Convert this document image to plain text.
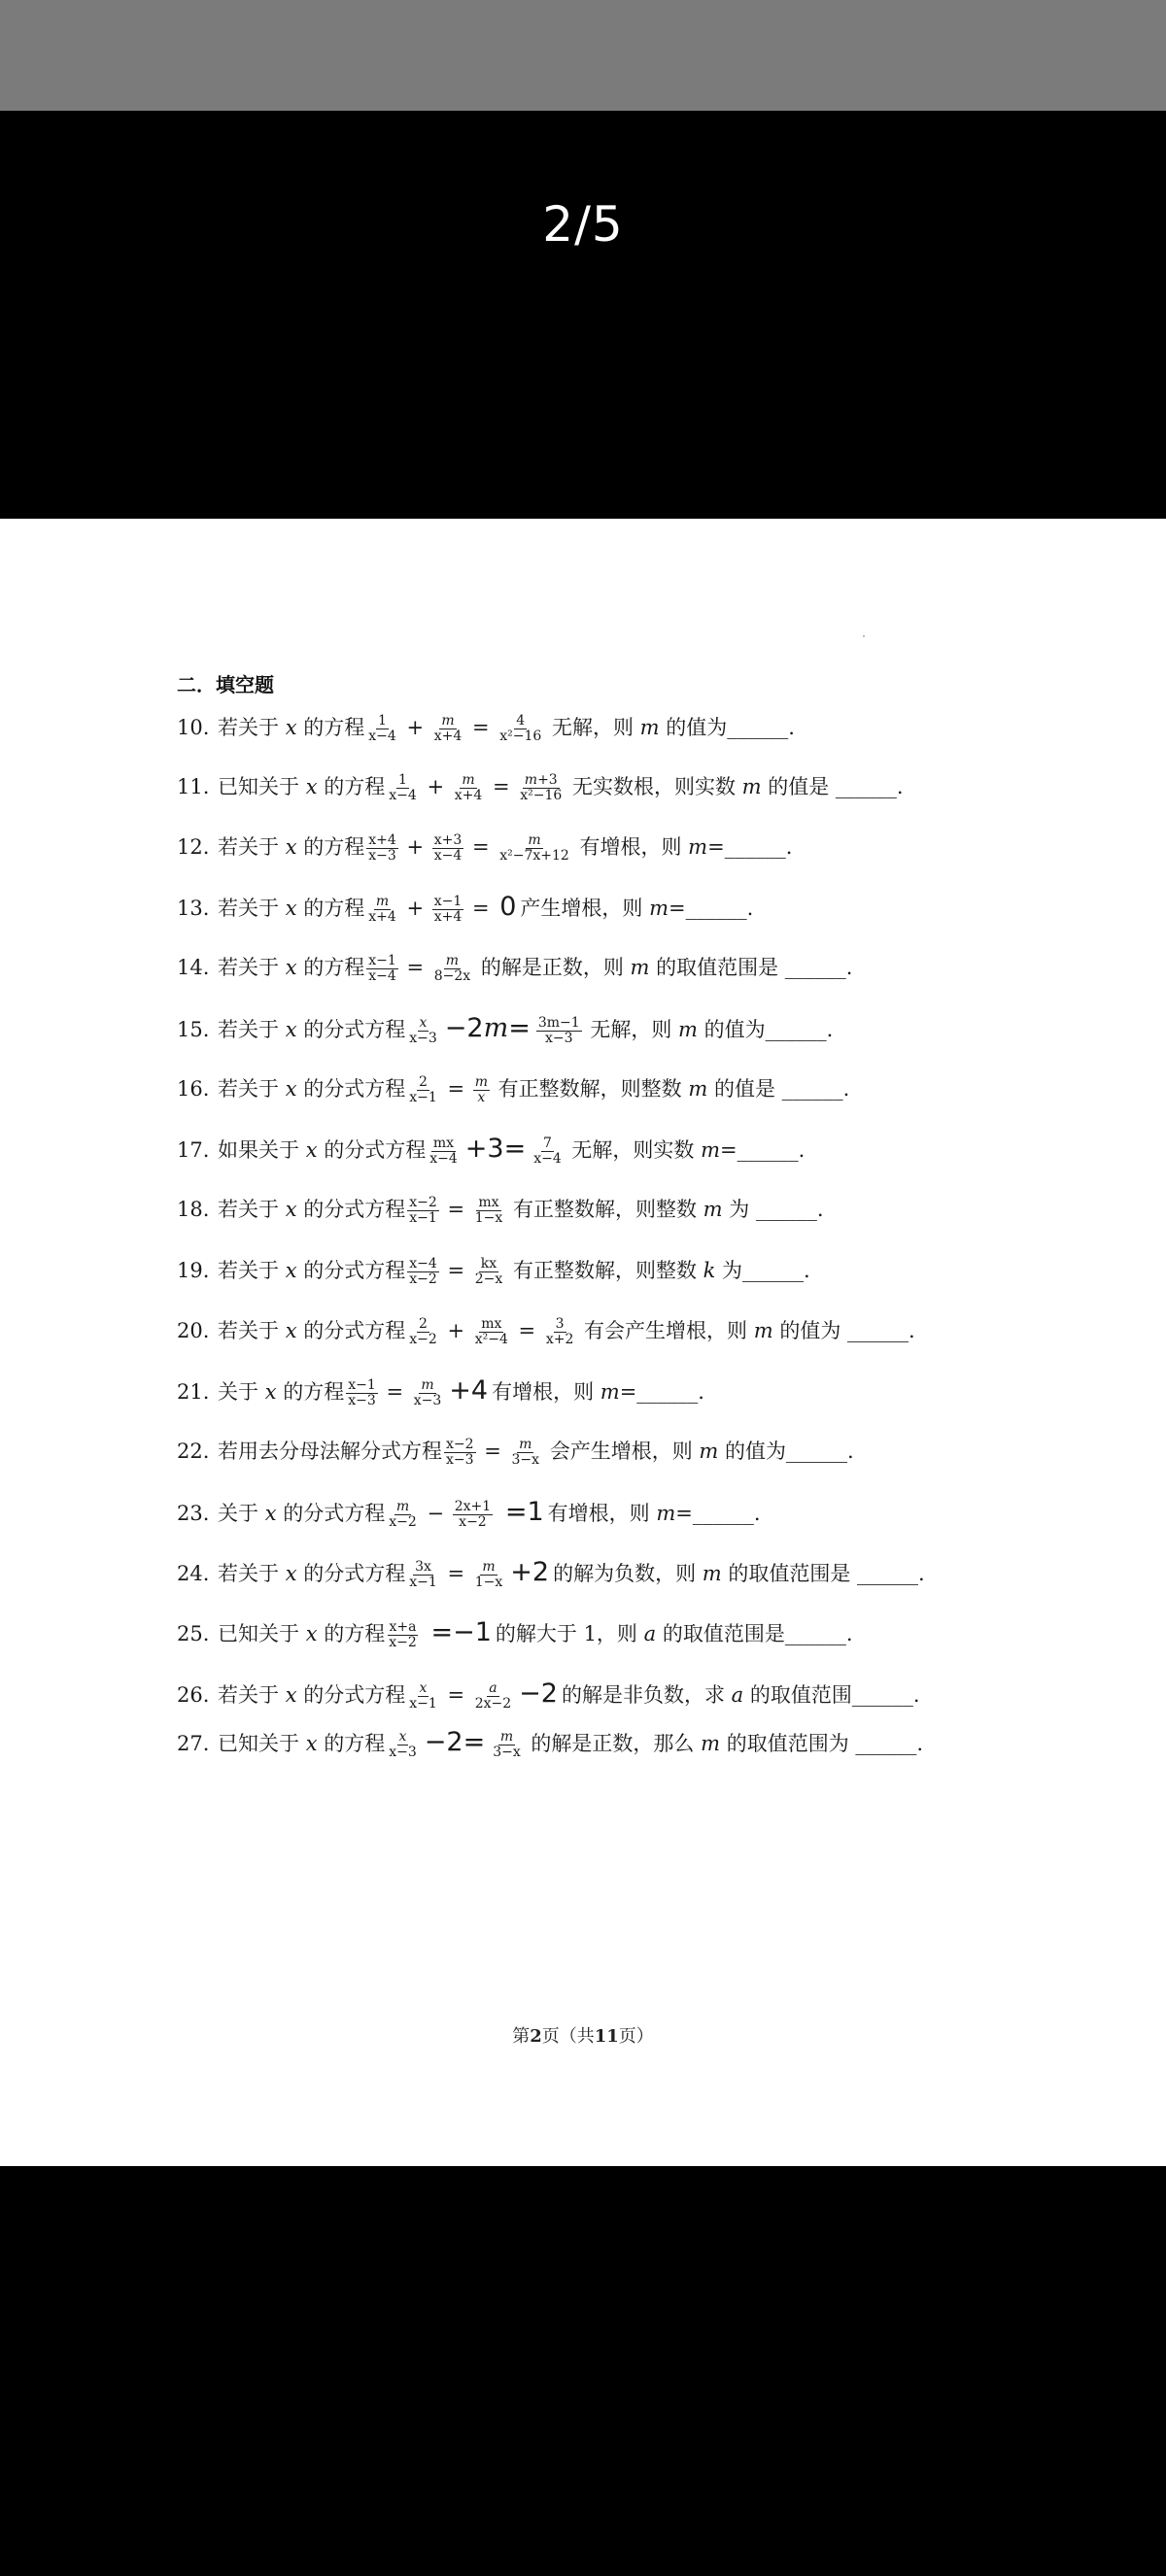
2/5
二．填空题
10. 若关于 x 的方程 $\frac{1}{x-4} + \frac{m}{x+4} = \frac{4}{\text{x²−16}}$ 无解，则 m 的值为______.
11. 已知关于 x 的方程 $\frac{1}{x-4} + \frac{m}{x+4} = \frac{m+3}{\text{x²−16}}$ 无实数根，则实数 m 的值是 ______.
12. 若关于 x 的方程 $\frac{x+4}{x-3} + \frac{x+3}{x-4} = \frac{m}{\text{x²−7x+12}}$ 有增根，则 m=______.
13. 若关于 x 的方程 $\frac{m}{x+4} + \frac{x-1}{x+4} = 0$ 产生增根，则 m=______.
14. 若关于 x 的方程 $\frac{x-1}{x-4} = \frac{m}{8-2x}$ 的解是正数，则 m 的取值范围是 ______.
15. 若关于 x 的分式方程 $\frac{x}{x-3} -2m= \frac{3m-1}{x-3}$ 无解，则 m 的值为______.
16. 若关于 x 的分式方程 $\frac{2}{x-1} = \frac{m}{x}$ 有正整数解，则整数 m 的值是 ______.
17. 如果关于 x 的分式方程 $\frac{mx}{x-4} +3= \frac{7}{x-4}$ 无解，则实数 m=______.
18. 若关于 x 的分式方程 $\frac{x-2}{x-1} = \frac{mx}{1-x}$ 有正整数解，则整数 m 为 ______.
19. 若关于 x 的分式方程 $\frac{x-4}{x-2} = \frac{kx}{2-x}$ 有正整数解，则整数 k 为______.
20. 若关于 x 的分式方程 $\frac{2}{x-2} + \frac{mx}{\text{x²−4}} = \frac{3}{x+2}$ 有会产生增根，则 m 的值为 ______.
21. 关于 x 的方程 $\frac{x-1}{x-3} = \frac{m}{x-3} +4$ 有增根，则 m=______.
22. 若用去分母法解分式方程 $\frac{x-2}{x-3} = \frac{m}{3-x}$ 会产生增根，则 m 的值为______.
23. 关于 x 的分式方程 $\frac{m}{x-2} - \frac{2x+1}{x-2} =1$ 有增根，则 m=______.
24. 若关于 x 的分式方程 $\frac{3x}{x-1} = \frac{m}{1-x} +2$ 的解为负数，则 m 的取值范围是 ______.
25. 已知关于 x 的方程 $\frac{x+a}{x-2} =-1$ 的解大于 1，则 a 的取值范围是______.
26. 若关于 x 的分式方程 $\frac{x}{x-1} = \frac{a}{2x-2} -2$ 的解是非负数，求 a 的取值范围______.
27. 已知关于 x 的方程 $\frac{x}{x-3} -2= \frac{m}{3-x}$ 的解是正数，那么 m 的取值范围为 ______.
第2页（共11页）
